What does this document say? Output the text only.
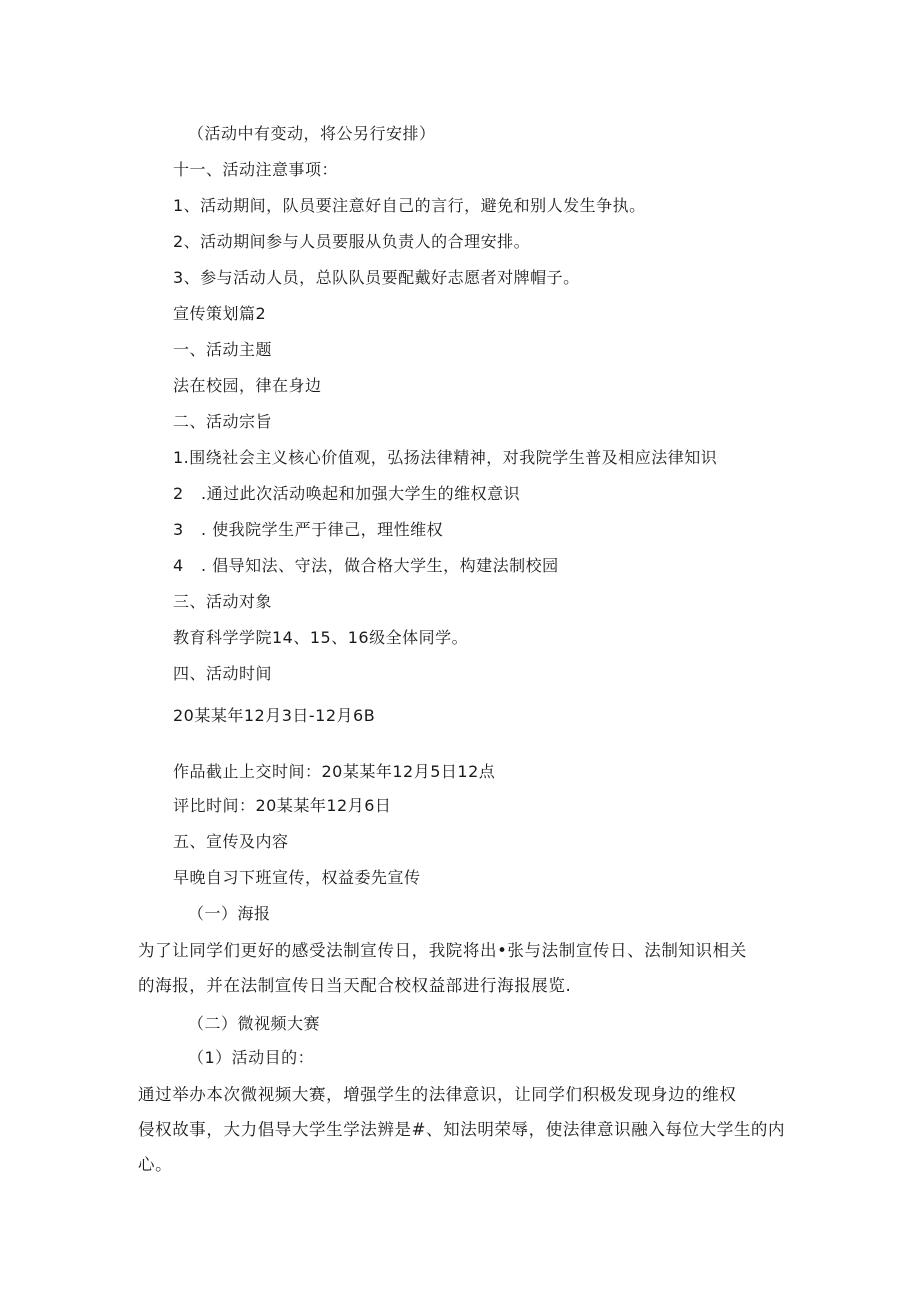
（活动中有变动，将公另行安排）
十一、活动注意事项：
1、活动期间，队员要注意好自己的言行，避免和别人发生争执。
2、活动期间参与人员要服从负责人的合理安排。
3、参与活动人员，总队队员要配戴好志愿者对牌帽子。
宣传策划篇2
一、活动主题
法在校园，律在身边
二、活动宗旨
1.围绕社会主义核心价值观，弘扬法律精神，对我院学生普及相应法律知识
2 .通过此次活动唤起和加强大学生的维权意识
3 . 使我院学生严于律己，理性维权
4 . 倡导知法、守法，做合格大学生，构建法制校园
三、活动对象
教育科学学院14、15、16级全体同学。
四、活动时间
20某某年12月3日-12月6B
作品截止上交时间：20某某年12月5日12点
评比时间：20某某年12月6日
五、宣传及内容
早晚自习下班宣传，权益委先宣传
（一）海报
为了让同学们更好的感受法制宣传日，我院将出•张与法制宣传日、法制知识相关
的海报，并在法制宣传日当天配合校权益部进行海报展览.
（二）微视频大赛
（1）活动目的：
通过举办本次微视频大赛，增强学生的法律意识，让同学们积极发现身边的维权
侵权故事，大力倡导大学生学法辨是#、知法明荣辱，使法律意识融入每位大学生的内
心。
